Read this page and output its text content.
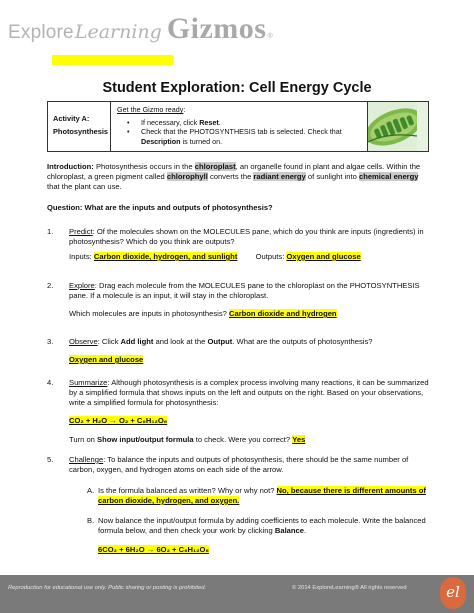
Explore Learning Gizmos ®
Student Exploration: Cell Energy Cycle
Activity A:
Photosynthesis
Get the Gizmo ready:
• If necessary, click Reset.
• Check that the PHOTOSYNTHESIS tab is selected. Check that Description is turned on.

Introduction: Photosynthesis occurs in the chloroplast, an organelle found in plant and algae cells. Within the chloroplast, a green pigment called chlorophyll converts the radiant energy of sunlight into chemical energy that the plant can use.

Question: What are the inputs and outputs of photosynthesis?
1. Predict: Of the molecules shown on the MOLECULES pane, which do you think are inputs (ingredients) in photosynthesis? Which do you think are outputs?
Inputs: Carbon dioxide, hydrogen, and sunlight Outputs: Oxygen and glucose
2. Explore: Drag each molecule from the MOLECULES pane to the chloroplast on the PHOTOSYNTHESIS pane. If a molecule is an input, it will stay in the chloroplast.
Which molecules are inputs in photosynthesis? Carbon dioxide and hydrogen
3. Observe: Click Add light and look at the Output. What are the outputs of photosynthesis?
Oxygen and glucose
4. Summarize: Although photosynthesis is a complex process involving many reactions, it can be summarized by a simplified formula that shows inputs on the left and outputs on the right. Based on your observations, write a simplified formula for photosynthesis:
CO₂ + H₂O → O₂ + C₆H₁₂O₆
Turn on Show input/output formula to check. Were you correct? Yes
5. Challenge: To balance the inputs and outputs of photosynthesis, there should be the same number of carbon, oxygen, and hydrogen atoms on each side of the arrow.
A. Is the formula balanced as written? Why or why not? No, because there is different amounts of carbon dioxide, hydrogen, and oxygen.
B. Now balance the input/output formula by adding coefficients to each molecule. Write the balanced formula below, and then check your work by clicking Balance.
6CO₂ + 6H₂O → 6O₂ + C₆H₁₂O₆
Reproduction for educational use only. Public sharing or posting is prohibited.	© 2014 ExploreLearning® All rights reserved	el
